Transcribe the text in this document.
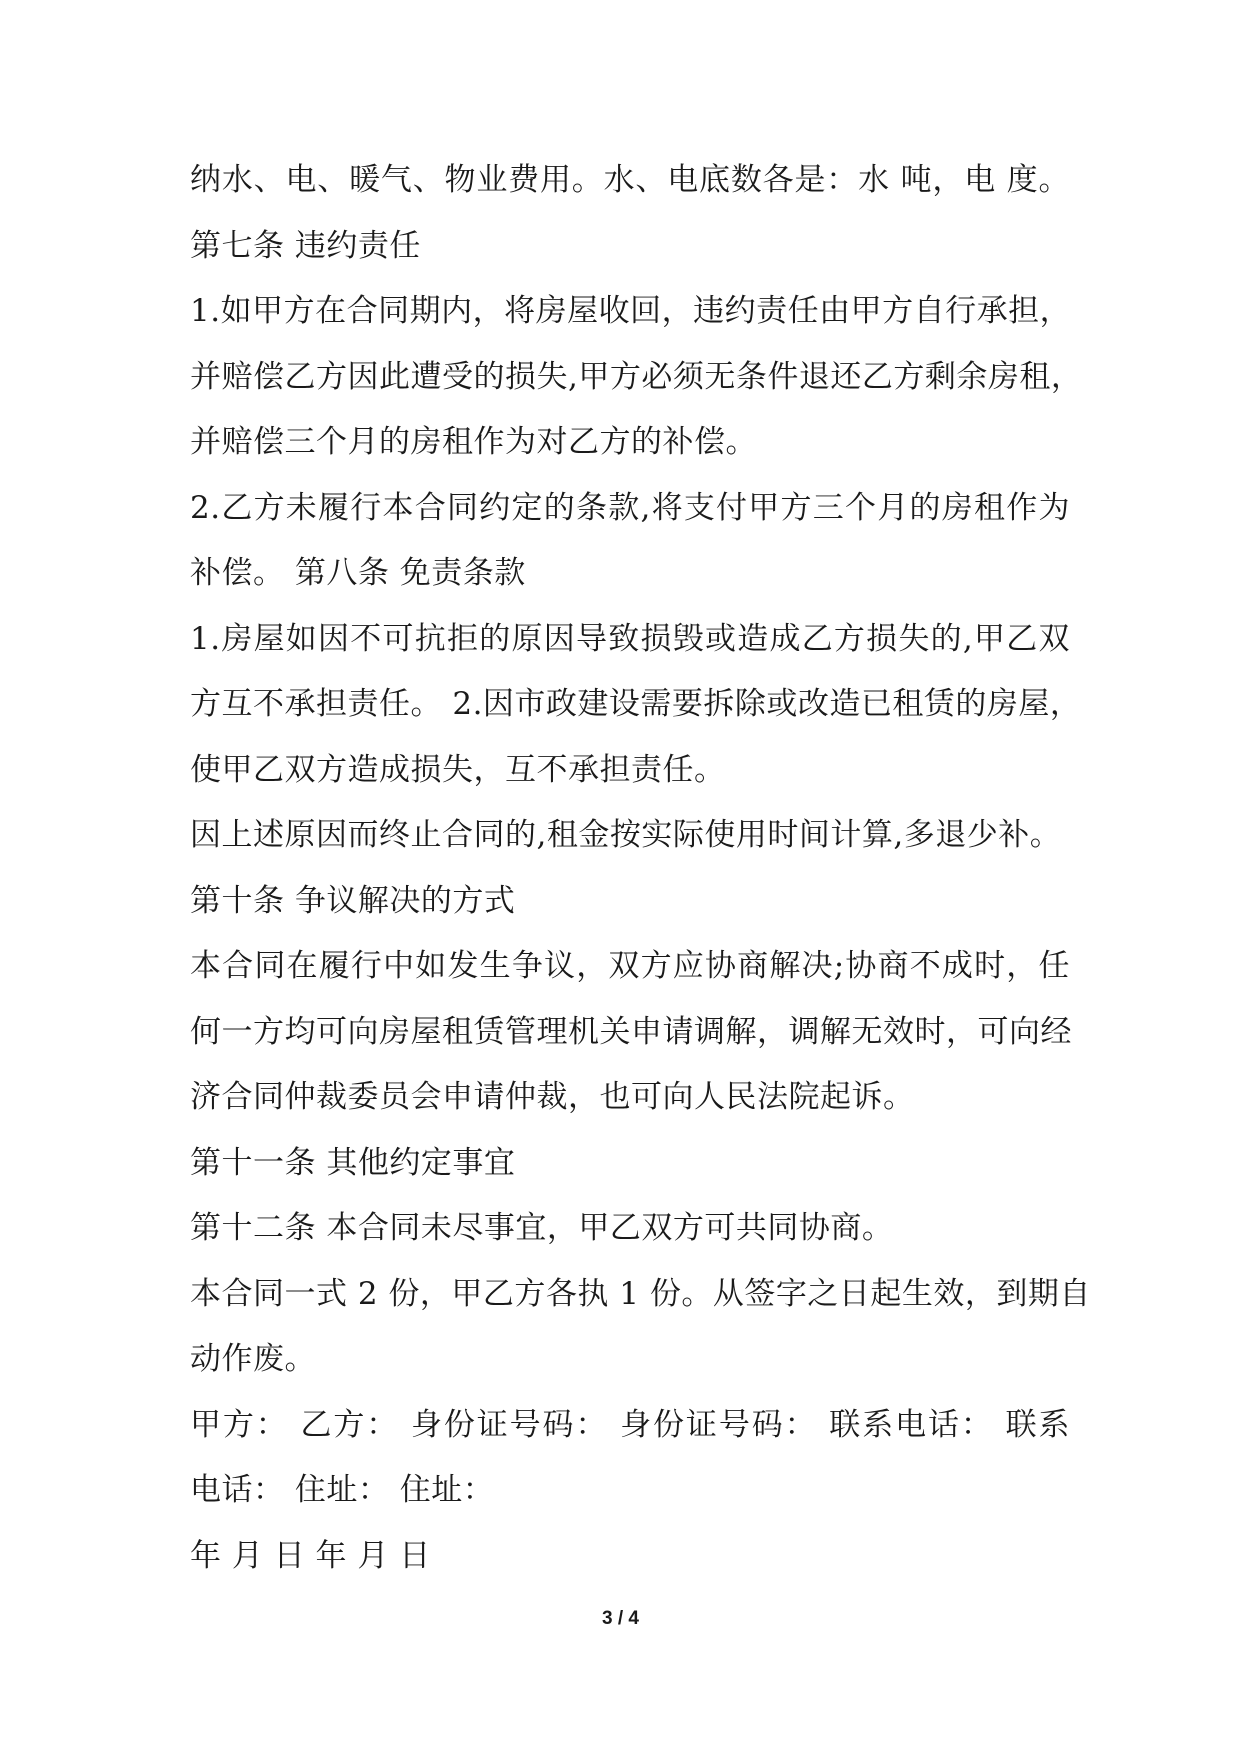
纳水、电、暖气、物业费用。水、电底数各是：水 吨，电 度。
第七条 违约责任
1.如甲方在合同期内，将房屋收回，违约责任由甲方自行承担，
并赔偿乙方因此遭受的损失,甲方必须无条件退还乙方剩余房租，
并赔偿三个月的房租作为对乙方的补偿。
2.乙方未履行本合同约定的条款,将支付甲方三个月的房租作为
补偿。 第八条 免责条款
1.房屋如因不可抗拒的原因导致损毁或造成乙方损失的,甲乙双
方互不承担责任。 2.因市政建设需要拆除或改造已租赁的房屋，
使甲乙双方造成损失，互不承担责任。
因上述原因而终止合同的,租金按实际使用时间计算,多退少补。
第十条 争议解决的方式
本合同在履行中如发生争议，双方应协商解决;协商不成时，任
何一方均可向房屋租赁管理机关申请调解，调解无效时，可向经
济合同仲裁委员会申请仲裁，也可向人民法院起诉。
第十一条 其他约定事宜
第十二条 本合同未尽事宜，甲乙双方可共同协商。
本合同一式 2 份，甲乙方各执 1 份。从签字之日起生效，到期自
动作废。
甲方： 乙方： 身份证号码： 身份证号码： 联系电话： 联系
电话： 住址： 住址：
年 月 日 年 月 日
3 / 4
